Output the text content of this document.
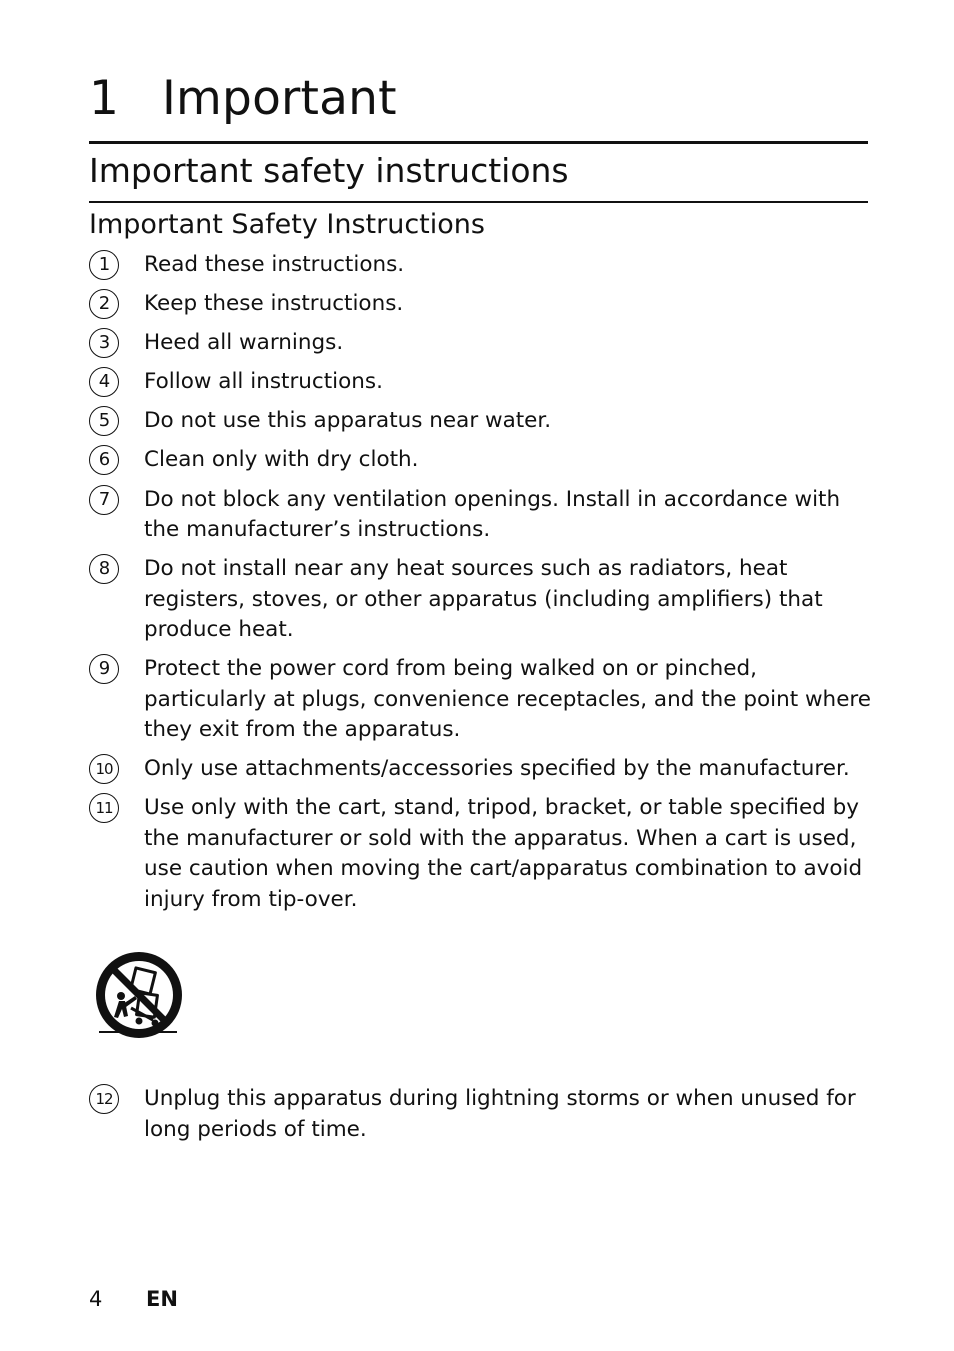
1 Important
Important safety instructions
Important Safety Instructions
1	Read these instructions.
2	Keep these instructions.
3	Heed all warnings.
4	Follow all instructions.
5	Do not use this apparatus near water.
6	Clean only with dry cloth.
7	Do not block any ventilation openings. Install in accordance with the manufacturer’s instructions.
8	Do not install near any heat sources such as radiators, heat registers, stoves, or other apparatus (including amplifiers) that produce heat.
9	Protect the power cord from being walked on or pinched, particularly at plugs, convenience receptacles, and the point where they exit from the apparatus.
10	Only use attachments/accessories specified by the manufacturer.
11	Use only with the cart, stand, tripod, bracket, or table specified by the manufacturer or sold with the apparatus. When a cart is used, use caution when moving the cart/apparatus combination to avoid injury from tip-over.
12	Unplug this apparatus during lightning storms or when unused for long periods of time.
4 EN
